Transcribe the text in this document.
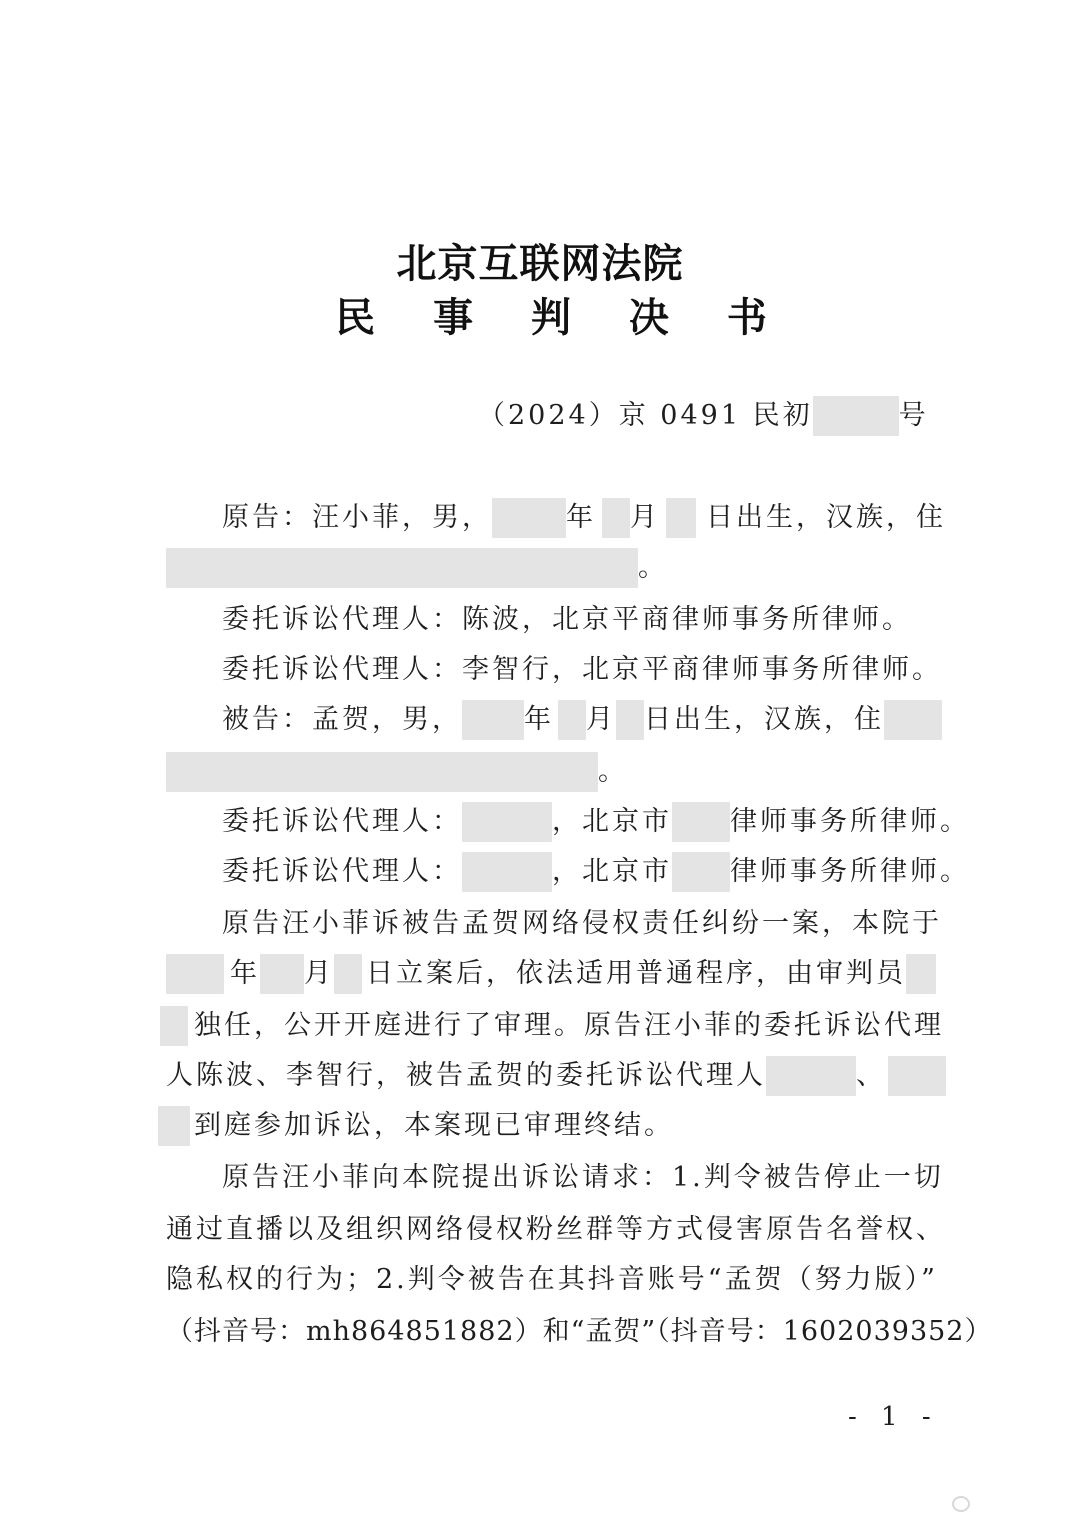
北京互联网法院
民 事 判 决 书
（2024）京 0491 民初	号
原告：汪小菲，男，	年 月 日出生，汉族，住
。
委托诉讼代理人：陈波，北京平商律师事务所律师。
委托诉讼代理人：李智行，北京平商律师事务所律师。
被告：孟贺，男， 年 月 日出生，汉族，住
。
委托诉讼代理人：	，北京市 律师事务所律师。
委托诉讼代理人：	，北京市 律师事务所律师。
原告汪小菲诉被告孟贺网络侵权责任纠纷一案，本院于
年 月 日立案后，依法适用普通程序，由审判员
独任，公开开庭进行了审理。原告汪小菲的委托诉讼代理
人陈波、李智行，被告孟贺的委托诉讼代理人	、
到庭参加诉讼，本案现已审理终结。
原告汪小菲向本院提出诉讼请求：1.判令被告停止一切
通过直播以及组织网络侵权粉丝群等方式侵害原告名誉权、
隐私权的行为；2.判令被告在其抖音账号“孟贺（努力版）”
（抖音号：mh864851882）和“孟贺”（抖音号：1602039352）
- 1 -
